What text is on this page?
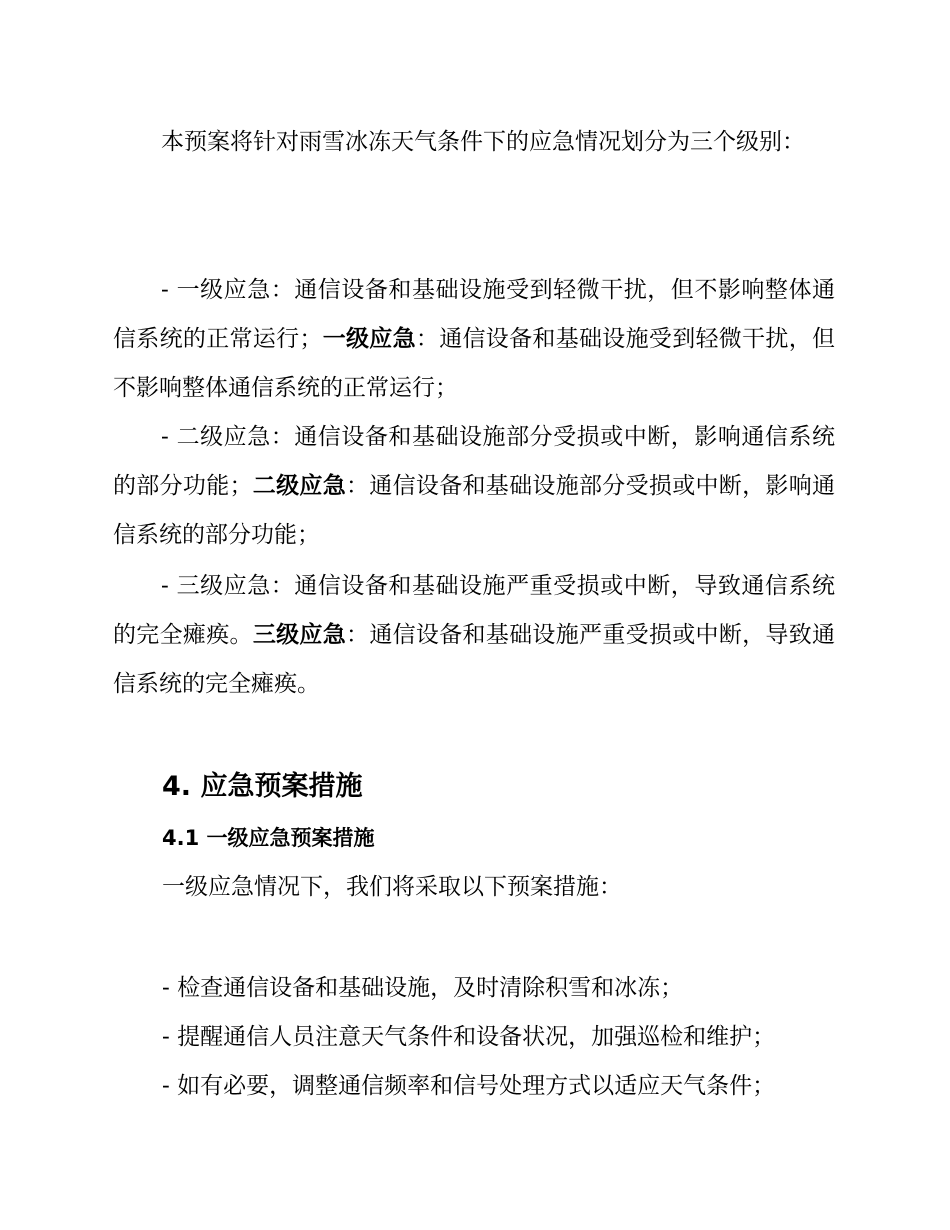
本预案将针对雨雪冰冻天气条件下的应急情况划分为三个级别：

- 一级应急：通信设备和基础设施受到轻微干扰，但不影响整体通信系统的正常运行；一级应急：通信设备和基础设施受到轻微干扰，但不影响整体通信系统的正常运行；

- 二级应急：通信设备和基础设施部分受损或中断，影响通信系统的部分功能；二级应急：通信设备和基础设施部分受损或中断，影响通信系统的部分功能；

- 三级应急：通信设备和基础设施严重受损或中断，导致通信系统的完全瘫痪。三级应急：通信设备和基础设施严重受损或中断，导致通信系统的完全瘫痪。

4. 应急预案措施
4.1 一级应急预案措施

一级应急情况下，我们将采取以下预案措施：

- 检查通信设备和基础设施，及时清除积雪和冰冻；

- 提醒通信人员注意天气条件和设备状况，加强巡检和维护；

- 如有必要，调整通信频率和信号处理方式以适应天气条件；
